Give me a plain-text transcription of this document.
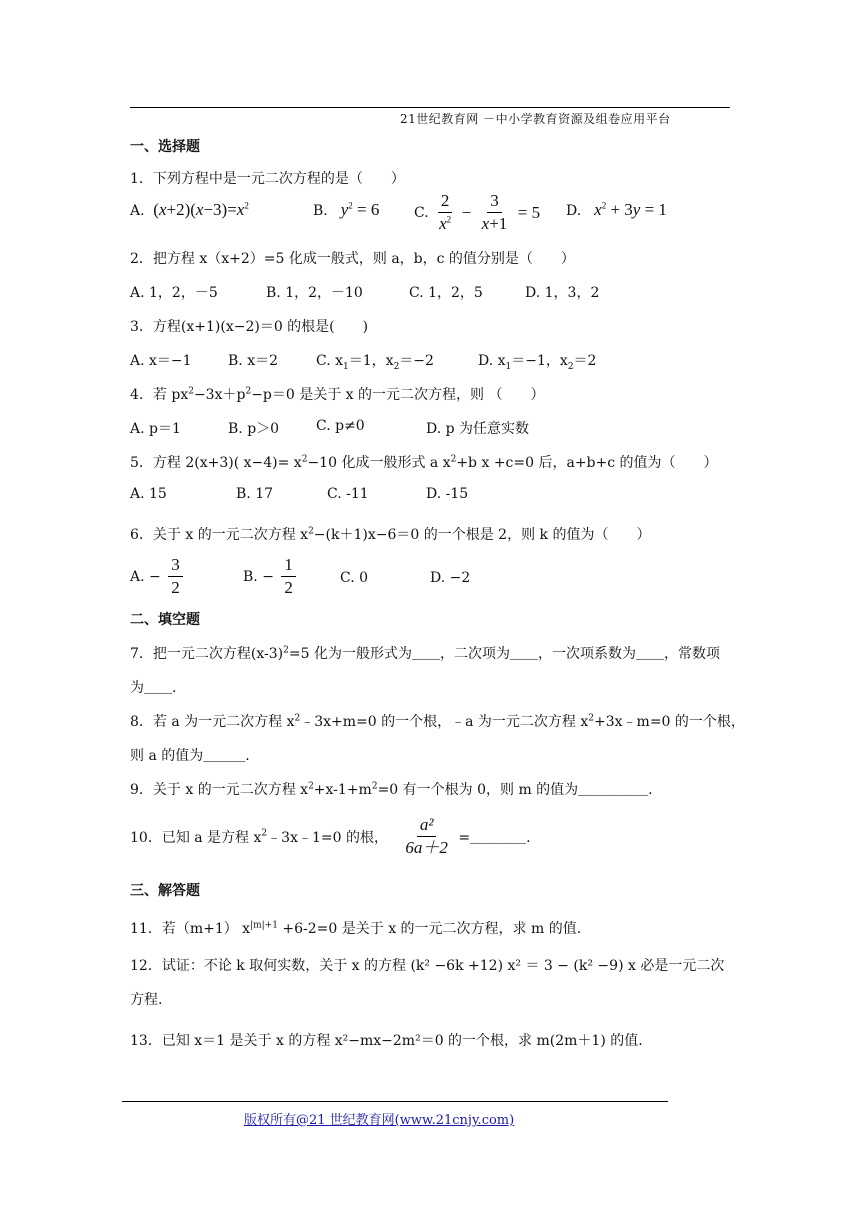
21世纪教育网 －中小学教育资源及组卷应用平台
一、选择题
1．下列方程中是一元二次方程的是（　　）
A.  $(x+2)(x-3)=x^2$	B. $y^2 = 6$ C. $\frac{2}{x^2} - \frac{3}{x+1} = 5$ D. $x^2 + 3y = 1$
2．把方程 x（x+2）=5 化成一般式，则 a，b，c 的值分别是（　　）
A. 1，2，－5	B. 1，2，－10	C. 1，2，5	D. 1，3，2
3．方程(x+1)(x−2)＝0 的根是(　　)
A. x＝−1	B. x＝2	C. $x_1=1$，$x_2=-2$	D. $x_1=-1$，$x_2=2$
4．若 $px^2-3x+p^2-p=0$ 是关于 x 的一元二次方程，则 （　　）
A. p＝1	B. p＞0	C. p≠0	D. p 为任意实数
5．方程 2(x+3)( $x-4)= x^2-10$ 化成一般形式 a $x^2+b$ x +c=0 后，a+b+c 的值为（　　）
A. 15	B. 17	C. -11	D. -15
6．关于 x 的一元二次方程 $x^2-(k+1)x-6=0$ 的一个根是 2，则 k 的值为（　　）
A. − $\frac{3}{2}$	B. − $\frac{1}{2}$	C. 0	D. −2
二、填空题
7．把一元二次方程$(x-3)^2=5$ 化为一般形式为＿＿，二次项为＿＿，一次项系数为＿＿，常数项
为＿＿.
8．若 a 为一元二次方程 $x^2﹣3x+m=0$ 的一个根，﹣a 为一元二次方程 $x^2+3x﹣m=0$ 的一个根，
则 a 的值为＿＿＿.
9．关于 x 的一元二次方程 $x^2+x-1+m^2=0$ 有一个根为 0，则 m 的值为＿＿＿＿＿.
10．已知 a 是方程 $x^2﹣3x﹣1=0$ 的根， $\frac{\text{a²}}{6a+2}$ =＿＿＿＿.
三、解答题
11．若（m+1） $x^{|m|+1} +6-2=0$ 是关于 x 的一元二次方程，求 m 的值.
12．试证：不论 k 取何实数，关于 x 的方程 (k² −6k +12) x² ＝ 3 − (k² −9) x 必是一元二次
方程.
13．已知 x＝1 是关于 x 的方程 x²−mx−2m²＝0 的一个根，求 m(2m＋1) 的值.
版权所有@21 世纪教育网(www.21cnjy.com)
